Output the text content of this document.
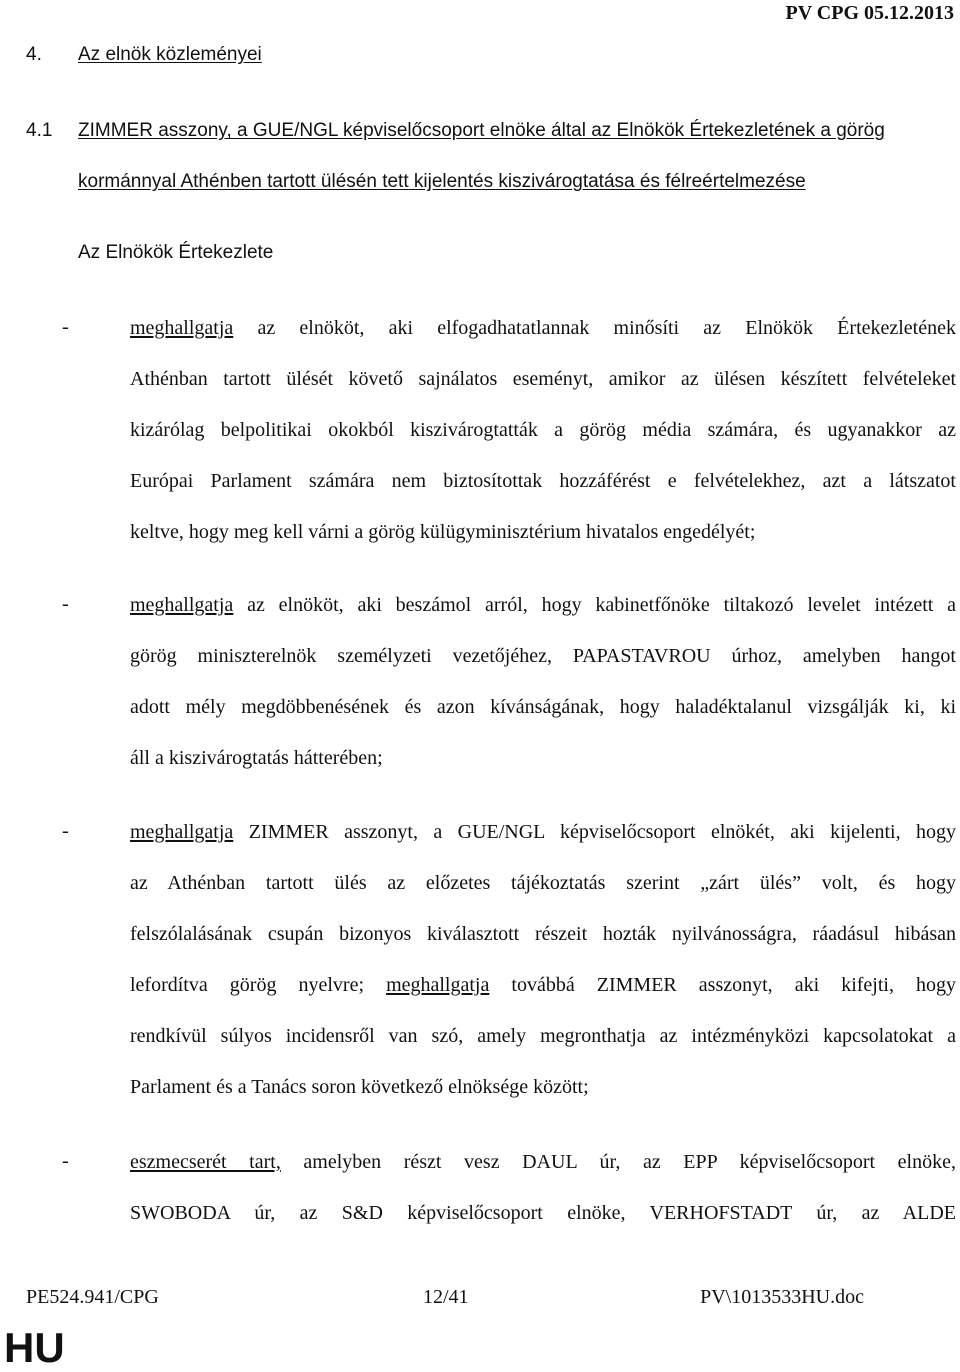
PV CPG 05.12.2013
4. Az elnök közleményei
4.1 ZIMMER asszony, a GUE/NGL képviselőcsoport elnöke által az Elnökök Értekezletének a görög
kormánnyal Athénben tartott ülésén tett kijelentés kiszivárogtatása és félreértelmezése
Az Elnökök Értekezlete
-	meghallgatja az elnököt, aki elfogadhatatlannak minősíti az Elnökök Értekezletének
Athénban tartott ülését követő sajnálatos eseményt, amikor az ülésen készített felvételeket
kizárólag belpolitikai okokból kiszivárogtatták a görög média számára, és ugyanakkor az
Európai Parlament számára nem biztosítottak hozzáférést e felvételekhez, azt a látszatot
keltve, hogy meg kell várni a görög külügyminisztérium hivatalos engedélyét;
-	meghallgatja az elnököt, aki beszámol arról, hogy kabinetfőnöke tiltakozó levelet intézett a
görög miniszterelnök személyzeti vezetőjéhez, PAPASTAVROU úrhoz, amelyben hangot
adott mély megdöbbenésének és azon kívánságának, hogy haladéktalanul vizsgálják ki, ki
áll a kiszivárogtatás hátterében;
-	meghallgatja ZIMMER asszonyt, a GUE/NGL képviselőcsoport elnökét, aki kijelenti, hogy
az Athénban tartott ülés az előzetes tájékoztatás szerint „zárt ülés” volt, és hogy
felszólalásának csupán bizonyos kiválasztott részeit hozták nyilvánosságra, ráadásul hibásan
lefordítva görög nyelvre; meghallgatja továbbá ZIMMER asszonyt, aki kifejti, hogy
rendkívül súlyos incidensről van szó, amely megronthatja az intézményközi kapcsolatokat a
Parlament és a Tanács soron következő elnöksége között;
-	eszmecserét tart, amelyben részt vesz DAUL úr, az EPP képviselőcsoport elnöke,
SWOBODA úr, az S&D képviselőcsoport elnöke, VERHOFSTADT úr, az ALDE
PE524.941/CPG	12/41	PV\1013533HU.doc
HU
